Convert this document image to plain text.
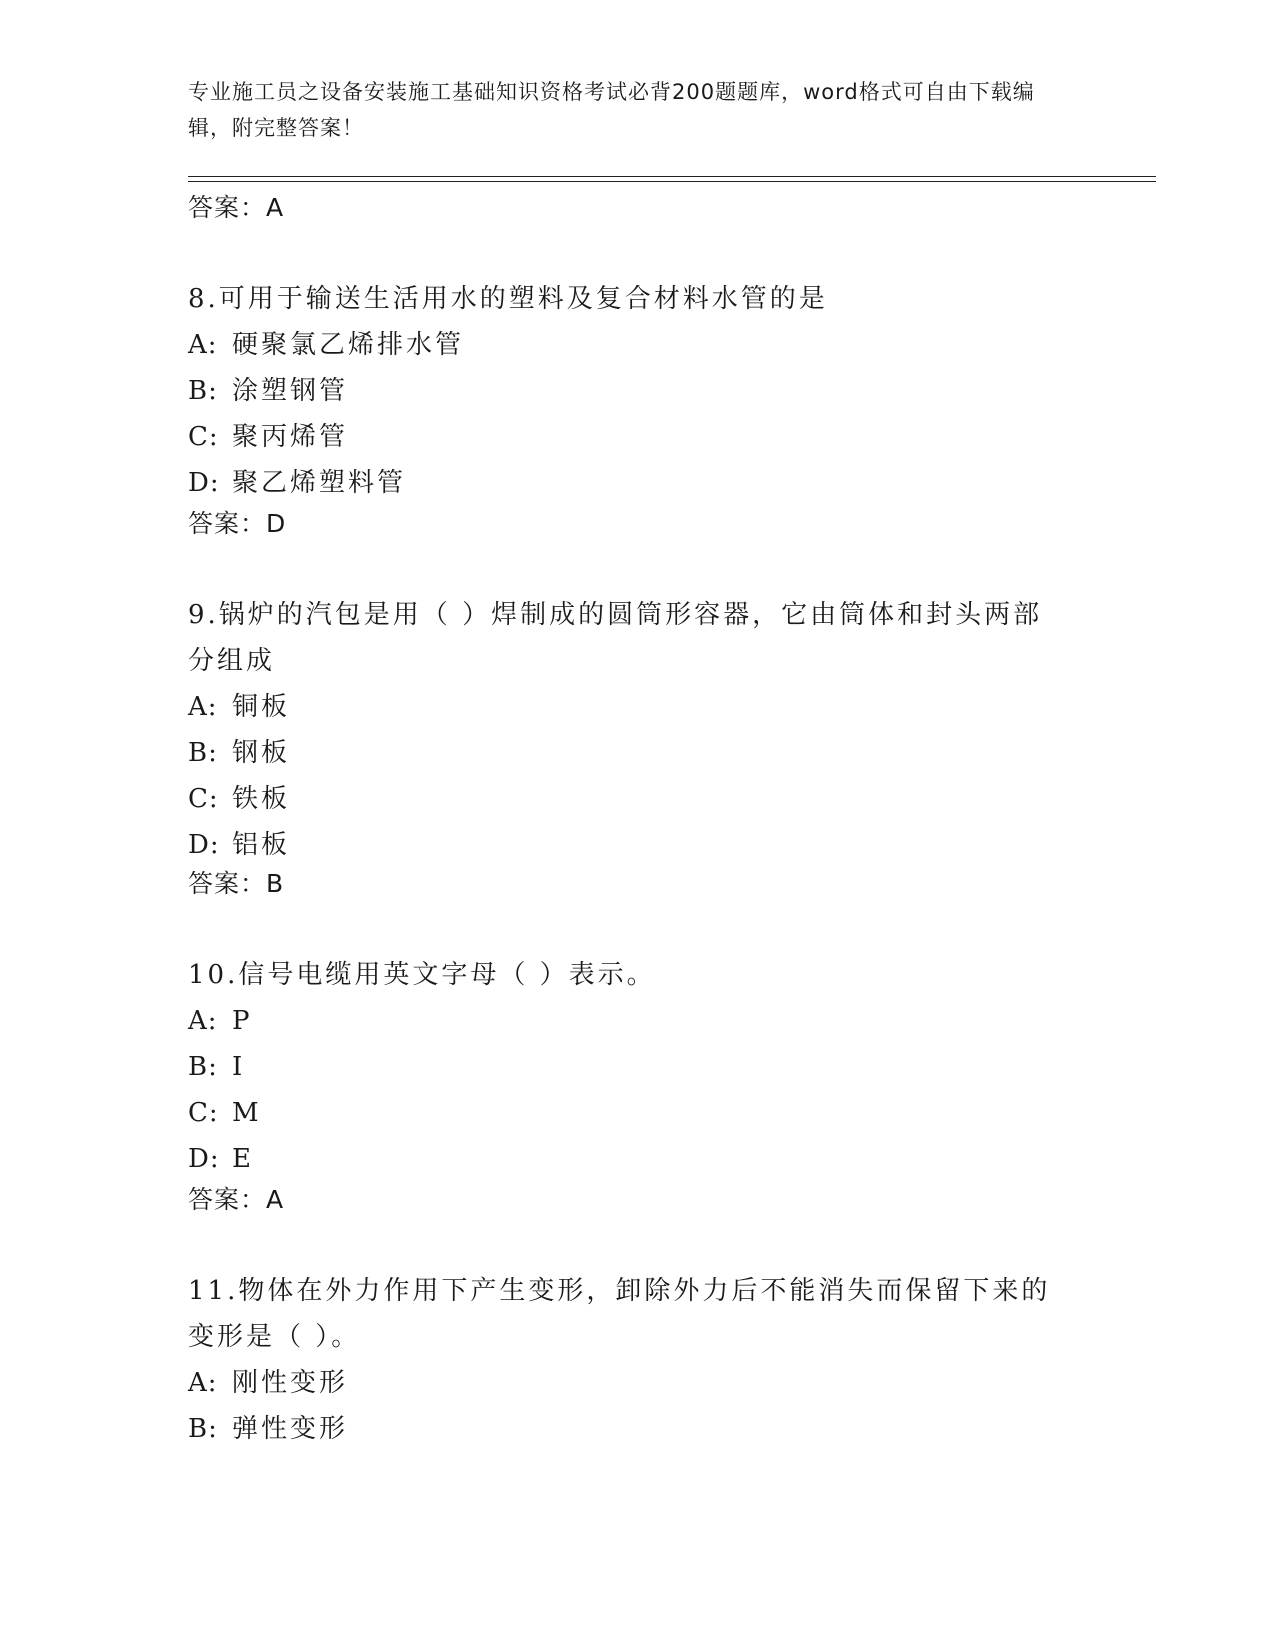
专业施工员之设备安装施工基础知识资格考试必背200题题库，word格式可自由下载编辑，附完整答案！
答案：A

8.可用于输送生活用水的塑料及复合材料水管的是

A: 硬聚氯乙烯排水管

B: 涂塑钢管

C: 聚丙烯管

D: 聚乙烯塑料管

答案：D

9.锅炉的汽包是用（ ）焊制成的圆筒形容器，它由筒体和封头两部分组成

A: 铜板

B: 钢板

C: 铁板

D: 铝板

答案：B

10.信号电缆用英文字母（ ）表示。

A: P

B: I

C: M

D: E

答案：A

11.物体在外力作用下产生变形，卸除外力后不能消失而保留下来的变形是（ ）。

A: 刚性变形

B: 弹性变形
